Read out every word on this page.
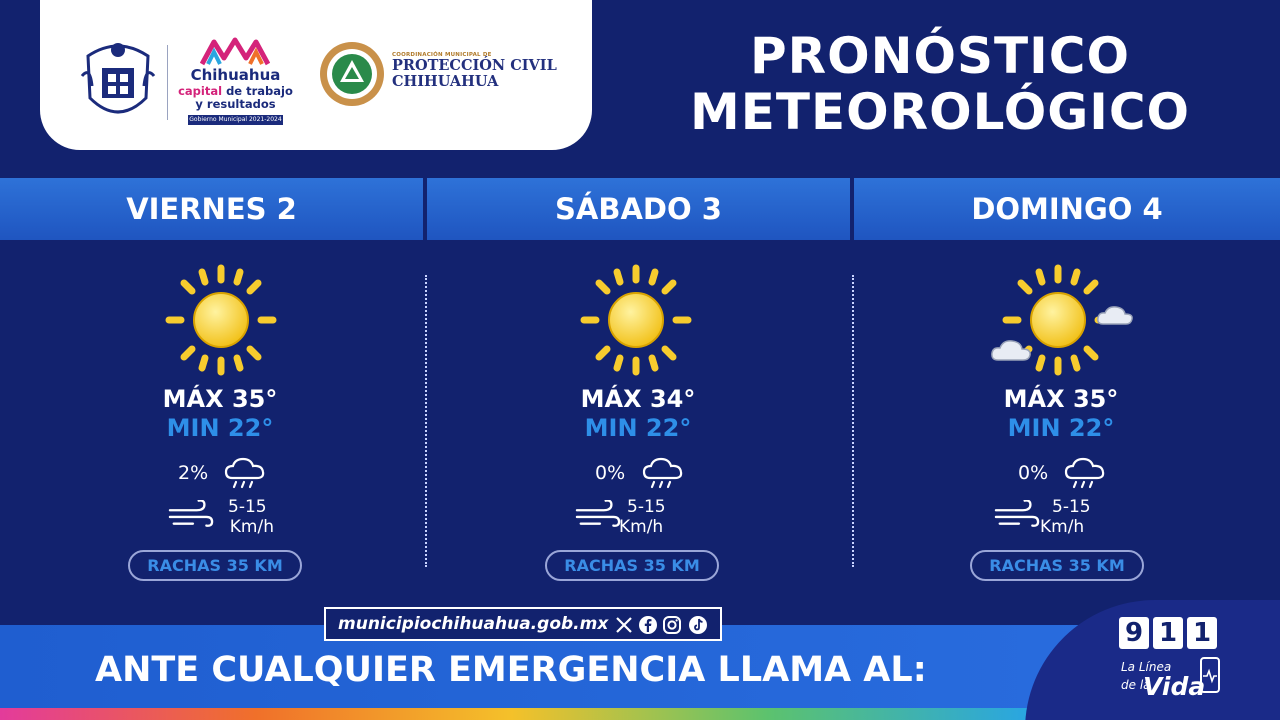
Chihuahua
capital de trabajo
y resultados
Gobierno Municipal 2021-2024
COORDINACIÓN MUNICIPAL DE
PROTECCIÓN CIVIL
CHIHUAHUA	PRONÓSTICO
METEOROLÓGICO
VIERNES 2	SÁBADO 3	DOMINGO 4
MÁX 35°
MIN 22°
2%
5-15
Km/h
RACHAS 35 KM
MÁX 34°
MIN 22°
0%
5-15
Km/h
RACHAS 35 KM
MÁX 35°
MIN 22°
0%
5-15
Km/h
RACHAS 35 KM
municipiochihuahua.gob.mx
ANTE CUALQUIER EMERGENCIA LLAMA AL:
9 1 1
La Línea
de la
Vida
